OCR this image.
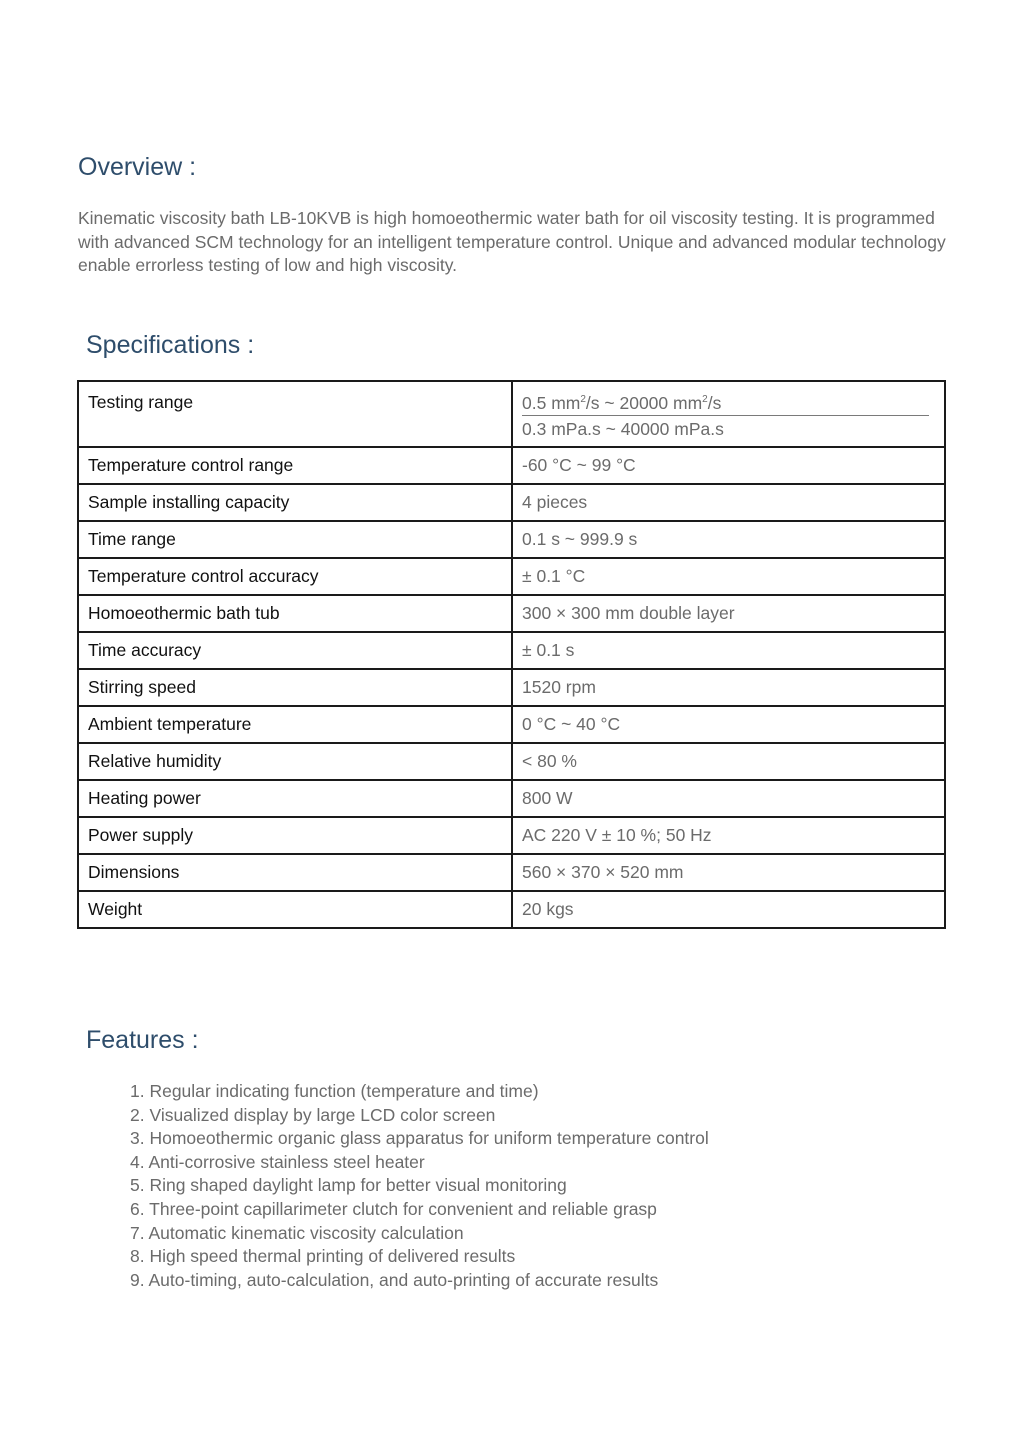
Overview :

Kinematic viscosity bath LB-10KVB is high homoeothermic water bath for oil viscosity testing. It is programmed with advanced SCM technology for an intelligent temperature control. Unique and advanced modular technology enable errorless testing of low and high viscosity.

Specifications :
Testing range	0.5 $mm^2/s$ ~ 20000 $mm^2/s$
0.3 mPa.s ~ 40000 mPa.s

Temperature control range	-60 °C ~ 99 °C
Sample installing capacity	4 pieces
Time range	0.1 s ~ 999.9 s
Temperature control accuracy	± 0.1 °C
Homoeothermic bath tub	300 × 300 mm double layer
Time accuracy	± 0.1 s
Stirring speed	1520 rpm
Ambient temperature	0 °C ~ 40 °C
Relative humidity	< 80 %
Heating power	800 W
Power supply	AC 220 V ± 10 %; 50 Hz
Dimensions	560 × 370 × 520 mm
Weight	20 kgs
Features :
1. Regular indicating function (temperature and time)
2. Visualized display by large LCD color screen
3. Homoeothermic organic glass apparatus for uniform temperature control
4. Anti-corrosive stainless steel heater
5. Ring shaped daylight lamp for better visual monitoring
6. Three-point capillarimeter clutch for convenient and reliable grasp
7. Automatic kinematic viscosity calculation
8. High speed thermal printing of delivered results
9. Auto-timing, auto-calculation, and auto-printing of accurate results
